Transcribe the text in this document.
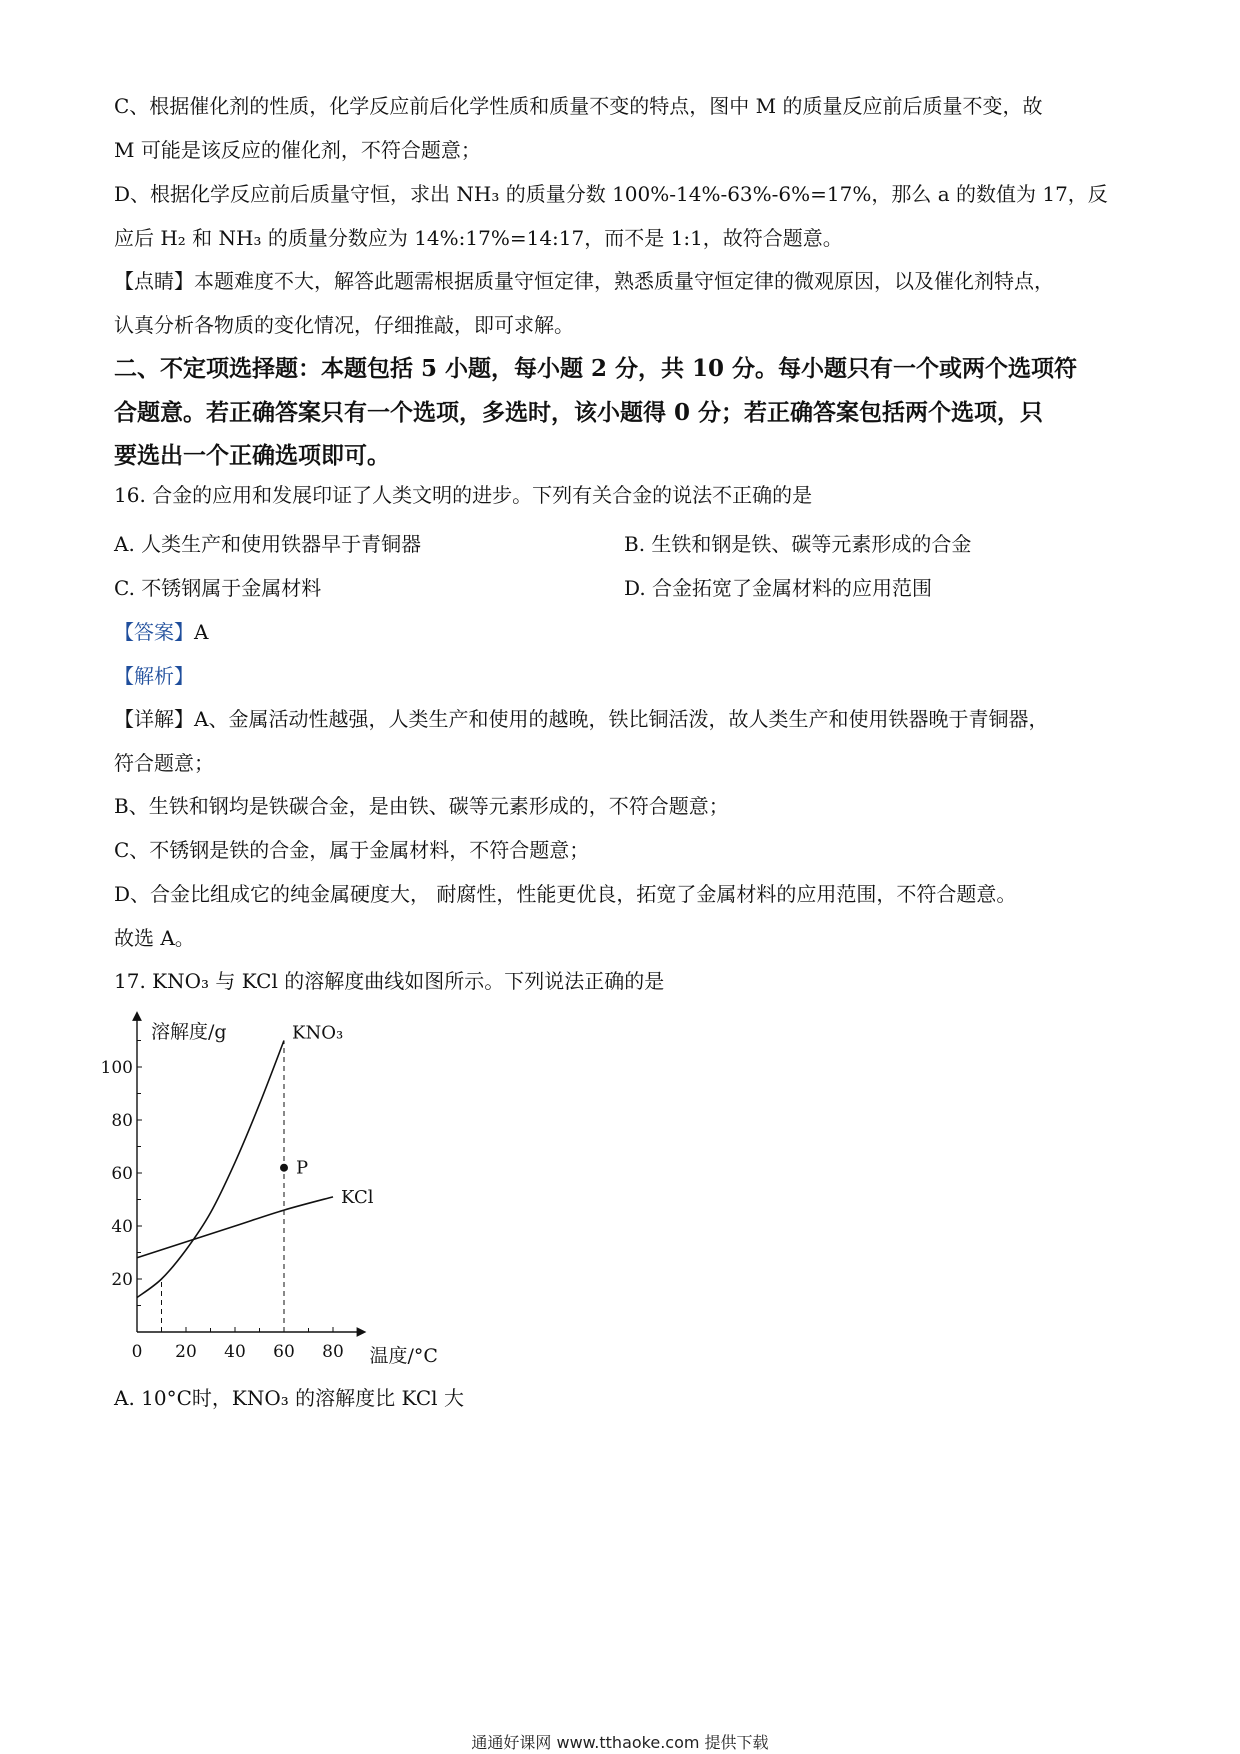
C、根据催化剂的性质，化学反应前后化学性质和质量不变的特点，图中 M 的质量反应前后质量不变，故
M 可能是该反应的催化剂，不符合题意；
D、根据化学反应前后质量守恒，求出 NH₃ 的质量分数 100%-14%-63%-6%=17%，那么 a 的数值为 17，反
应后 H₂ 和 NH₃ 的质量分数应为 14%:17%=14:17，而不是 1:1，故符合题意。
【点睛】本题难度不大，解答此题需根据质量守恒定律，熟悉质量守恒定律的微观原因，以及催化剂特点，
认真分析各物质的变化情况，仔细推敲，即可求解。
二、不定项选择题：本题包括 5 小题，每小题 2 分，共 10 分。每小题只有一个或两个选项符
合题意。若正确答案只有一个选项，多选时，该小题得 0 分；若正确答案包括两个选项，只
要选出一个正确选项即可。
16. 合金的应用和发展印证了人类文明的进步。下列有关合金的说法不正确的是
A. 人类生产和使用铁器早于青铜器	B. 生铁和钢是铁、碳等元素形成的合金
C. 不锈钢属于金属材料	D. 合金拓宽了金属材料的应用范围
【答案】A
【解析】
【详解】A、金属活动性越强，人类生产和使用的越晚，铁比铜活泼，故人类生产和使用铁器晚于青铜器，
符合题意；
B、生铁和钢均是铁碳合金，是由铁、碳等元素形成的，不符合题意；
C、不锈钢是铁的合金，属于金属材料，不符合题意；
D、合金比组成它的纯金属硬度大， 耐腐性，性能更优良，拓宽了金属材料的应用范围，不符合题意。
故选 A。
17. KNO₃ 与 KCl 的溶解度曲线如图所示。下列说法正确的是
溶解度/g
温度/°C
0 20 40 60 80
20
40
60
80
100
KNO₃
KCl
P
A. 10°C时，KNO₃ 的溶解度比 KCl 大
通通好课网 www.tthaoke.com 提供下载
